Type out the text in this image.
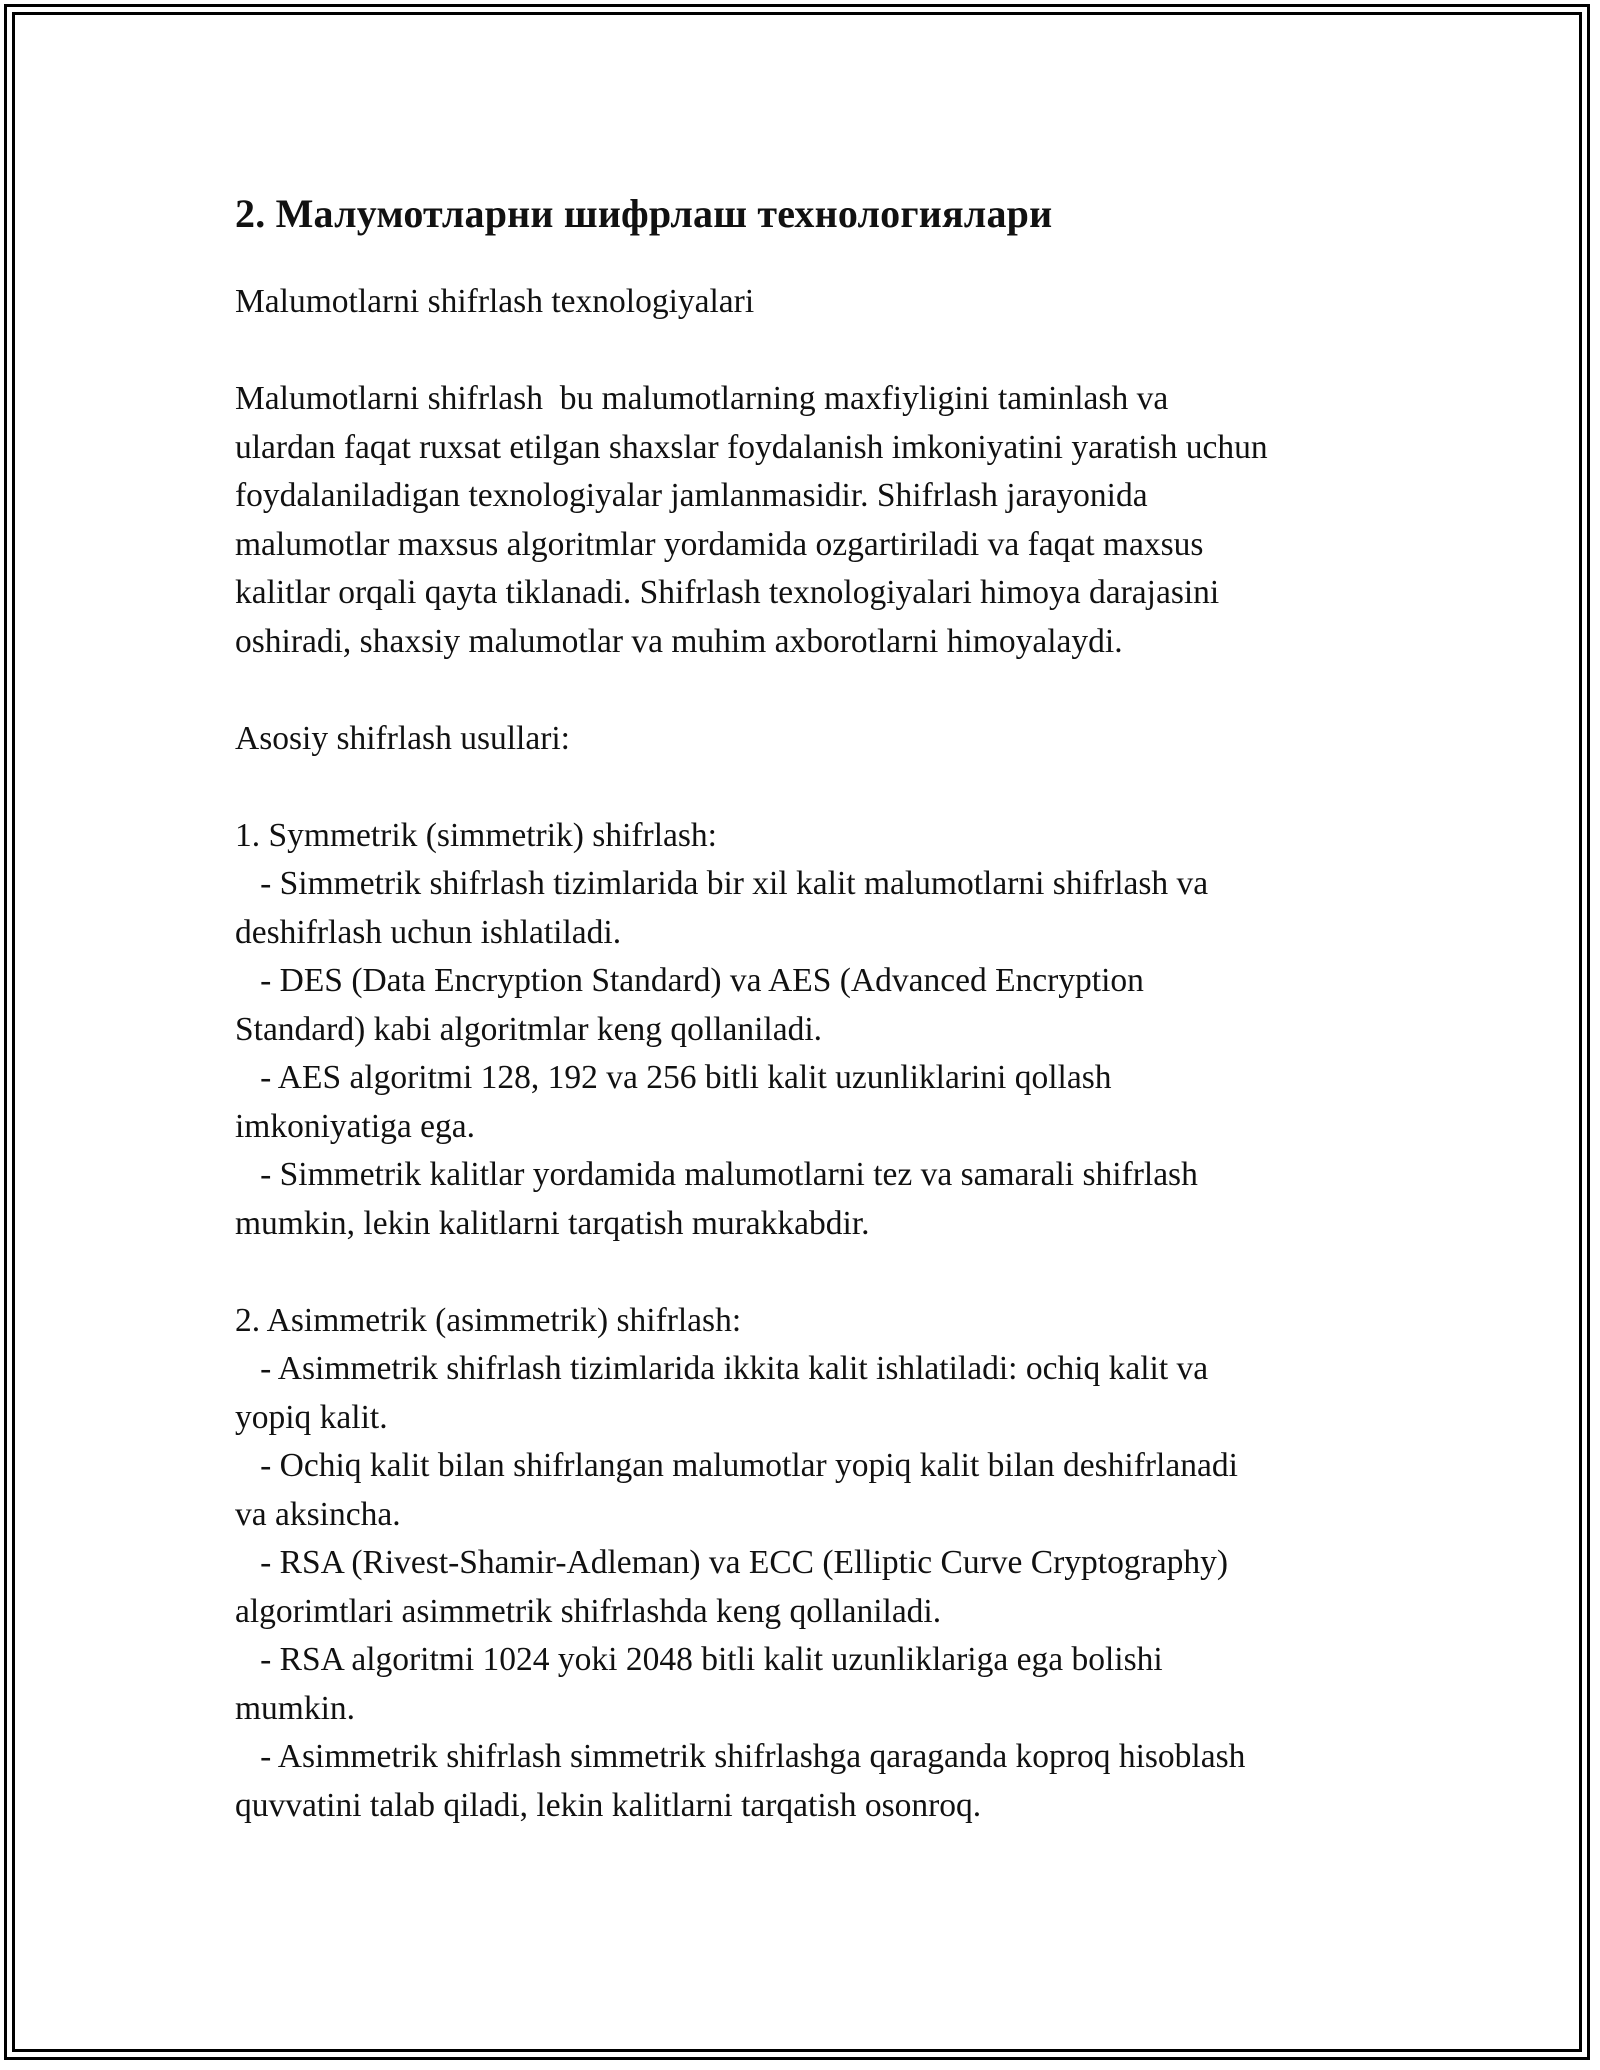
2. Малумотларни шифрлаш технологиялари

Malumotlarni shifrlash texnologiyalari

Malumotlarni shifrlash  bu malumotlarning maxfiyligini taminlash va
ulardan faqat ruxsat etilgan shaxslar foydalanish imkoniyatini yaratish uchun
foydalaniladigan texnologiyalar jamlanmasidir. Shifrlash jarayonida
malumotlar maxsus algoritmlar yordamida ozgartiriladi va faqat maxsus
kalitlar orqali qayta tiklanadi. Shifrlash texnologiyalari himoya darajasini
oshiradi, shaxsiy malumotlar va muhim axborotlarni himoyalaydi.

Asosiy shifrlash usullari:

1. Symmetrik (simmetrik) shifrlash:
- Simmetrik shifrlash tizimlarida bir xil kalit malumotlarni shifrlash va
deshifrlash uchun ishlatiladi.
- DES (Data Encryption Standard) va AES (Advanced Encryption
Standard) kabi algoritmlar keng qollaniladi.
- AES algoritmi 128, 192 va 256 bitli kalit uzunliklarini qollash
imkoniyatiga ega.
- Simmetrik kalitlar yordamida malumotlarni tez va samarali shifrlash
mumkin, lekin kalitlarni tarqatish murakkabdir.

2. Asimmetrik (asimmetrik) shifrlash:
- Asimmetrik shifrlash tizimlarida ikkita kalit ishlatiladi: ochiq kalit va
yopiq kalit.
- Ochiq kalit bilan shifrlangan malumotlar yopiq kalit bilan deshifrlanadi
va aksincha.
- RSA (Rivest-Shamir-Adleman) va ECC (Elliptic Curve Cryptography)
algorimtlari asimmetrik shifrlashda keng qollaniladi.
- RSA algoritmi 1024 yoki 2048 bitli kalit uzunliklariga ega bolishi
mumkin.
- Asimmetrik shifrlash simmetrik shifrlashga qaraganda koproq hisoblash
quvvatini talab qiladi, lekin kalitlarni tarqatish osonroq.
